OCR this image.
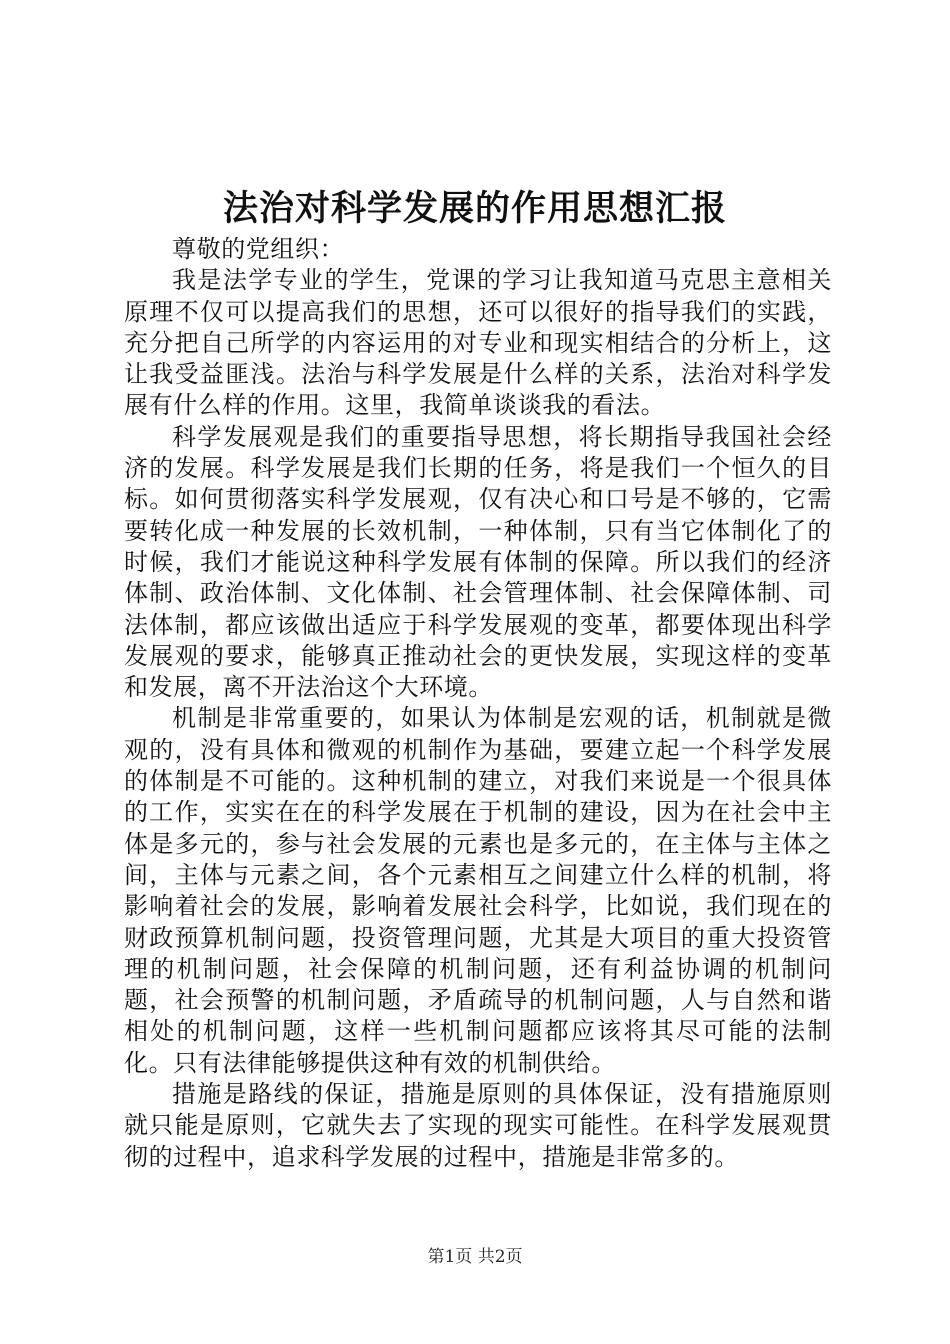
法治对科学发展的作用思想汇报

尊敬的党组织：

我是法学专业的学生，党课的学习让我知道马克思主意相关原理不仅可以提高我们的思想，还可以很好的指导我们的实践，充分把自己所学的内容运用的对专业和现实相结合的分析上，这让我受益匪浅。法治与科学发展是什么样的关系，法治对科学发展有什么样的作用。这里，我简单谈谈我的看法。

科学发展观是我们的重要指导思想，将长期指导我国社会经济的发展。科学发展是我们长期的任务，将是我们一个恒久的目标。如何贯彻落实科学发展观，仅有决心和口号是不够的，它需要转化成一种发展的长效机制，一种体制，只有当它体制化了的时候，我们才能说这种科学发展有体制的保障。所以我们的经济体制、政治体制、文化体制、社会管理体制、社会保障体制、司法体制，都应该做出适应于科学发展观的变革，都要体现出科学发展观的要求，能够真正推动社会的更快发展，实现这样的变革和发展，离不开法治这个大环境。

机制是非常重要的，如果认为体制是宏观的话，机制就是微观的，没有具体和微观的机制作为基础，要建立起一个科学发展的体制是不可能的。这种机制的建立，对我们来说是一个很具体的工作，实实在在的科学发展在于机制的建设，因为在社会中主体是多元的，参与社会发展的元素也是多元的，在主体与主体之间，主体与元素之间，各个元素相互之间建立什么样的机制，将影响着社会的发展，影响着发展社会科学，比如说，我们现在的财政预算机制问题，投资管理问题，尤其是大项目的重大投资管理的机制问题，社会保障的机制问题，还有利益协调的机制问题，社会预警的机制问题，矛盾疏导的机制问题，人与自然和谐相处的机制问题，这样一些机制问题都应该将其尽可能的法制化。只有法律能够提供这种有效的机制供给。

措施是路线的保证，措施是原则的具体保证，没有措施原则就只能是原则，它就失去了实现的现实可能性。在科学发展观贯彻的过程中，追求科学发展的过程中，措施是非常多的。

第1页 共2页
